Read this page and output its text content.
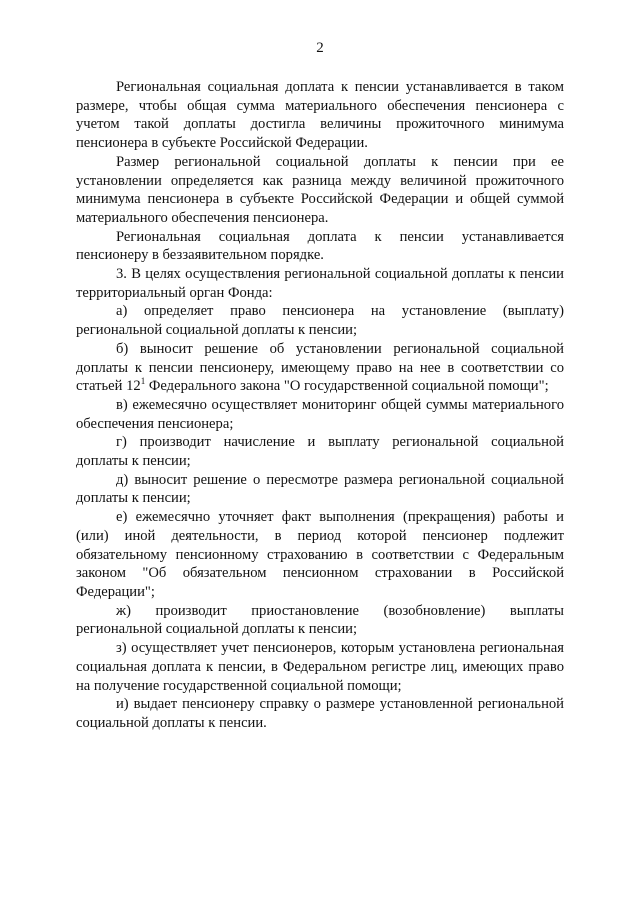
2

Региональная социальная доплата к пенсии устанавливается в таком размере, чтобы общая сумма материального обеспечения пенсионера с учетом такой доплаты достигла величины прожиточного минимума пенсионера в субъекте Российской Федерации.

Размер региональной социальной доплаты к пенсии при ее установлении определяется как разница между величиной прожиточного минимума пенсионера в субъекте Российской Федерации и общей суммой материального обеспечения пенсионера.

Региональная социальная доплата к пенсии устанавливается пенсионеру в беззаявительном порядке.

3. В целях осуществления региональной социальной доплаты к пенсии территориальный орган Фонда:

а) определяет право пенсионера на установление (выплату) региональной социальной доплаты к пенсии;

б) выносит решение об установлении региональной социальной доплаты к пенсии пенсионеру, имеющему право на нее в соответствии со статьей 12$^1$ Федерального закона "О государственной социальной помощи";

в) ежемесячно осуществляет мониторинг общей суммы материального обеспечения пенсионера;

г) производит начисление и выплату региональной социальной доплаты к пенсии;

д) выносит решение о пересмотре размера региональной социальной доплаты к пенсии;

е) ежемесячно уточняет факт выполнения (прекращения) работы и (или) иной деятельности, в период которой пенсионер подлежит обязательному пенсионному страхованию в соответствии с Федеральным законом "Об обязательном пенсионном страховании в Российской Федерации";

ж) производит приостановление (возобновление) выплаты региональной социальной доплаты к пенсии;

з) осуществляет учет пенсионеров, которым установлена региональная социальная доплата к пенсии, в Федеральном регистре лиц, имеющих право на получение государственной социальной помощи;

и) выдает пенсионеру справку о размере установленной региональной социальной доплаты к пенсии.
